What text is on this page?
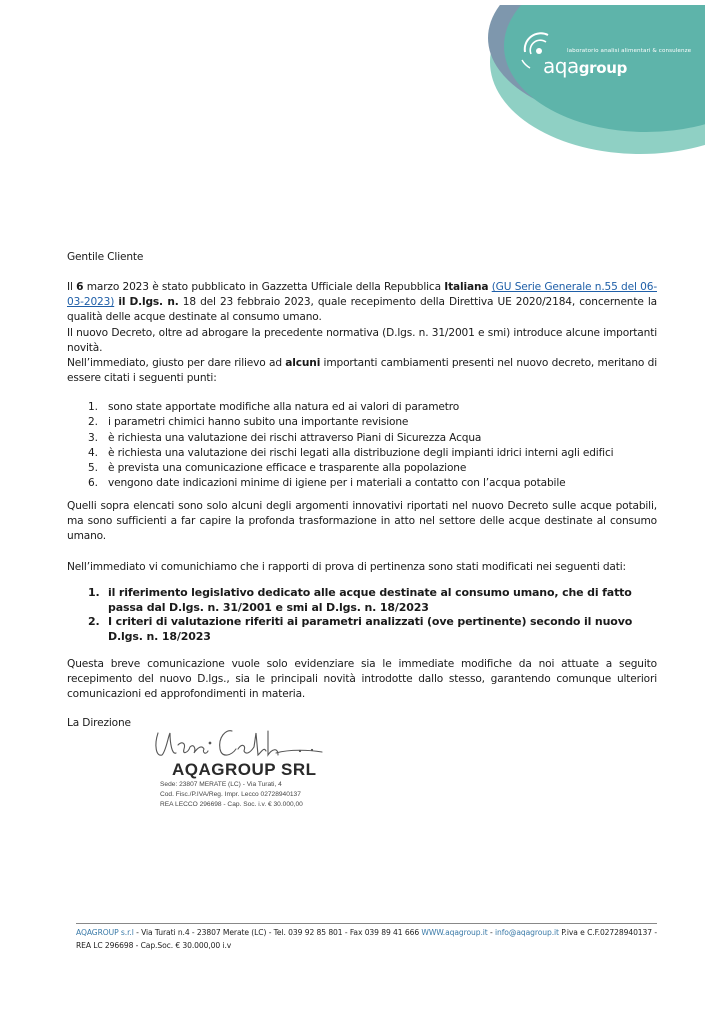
laboratorio analisi alimentari & consulenze
aqagroup
Gentile Cliente
Il 6 marzo 2023 è stato pubblicato in Gazzetta Ufficiale della Repubblica Italiana (GU Serie Generale n.55 del 06-03-2023) il D.lgs. n. 18 del 23 febbraio 2023, quale recepimento della Direttiva UE 2020/2184, concernente la qualità delle acque destinate al consumo umano.
Il nuovo Decreto, oltre ad abrogare la precedente normativa (D.lgs. n. 31/2001 e smi) introduce alcune importanti novità.
Nell’immediato, giusto per dare rilievo ad alcuni importanti cambiamenti presenti nel nuovo decreto, meritano di essere citati i seguenti punti:
1. sono state apportate modifiche alla natura ed ai valori di parametro
2. i parametri chimici hanno subito una importante revisione
3. è richiesta una valutazione dei rischi attraverso Piani di Sicurezza Acqua
4. è richiesta una valutazione dei rischi legati alla distribuzione degli impianti idrici interni agli edifici
5. è prevista una comunicazione efficace e trasparente alla popolazione
6. vengono date indicazioni minime di igiene per i materiali a contatto con l’acqua potabile
Quelli sopra elencati sono solo alcuni degli argomenti innovativi riportati nel nuovo Decreto sulle acque potabili, ma sono sufficienti a far capire la profonda trasformazione in atto nel settore delle acque destinate al consumo umano.
Nell’immediato vi comunichiamo che i rapporti di prova di pertinenza sono stati modificati nei seguenti dati:
1. il riferimento legislativo dedicato alle acque destinate al consumo umano, che di fatto
passa dal D.lgs. n. 31/2001 e smi al D.lgs. n. 18/2023
2. I criteri di valutazione riferiti ai parametri analizzati (ove pertinente) secondo il nuovo
D.lgs. n. 18/2023
Questa breve comunicazione vuole solo evidenziare sia le immediate modifiche da noi attuate a seguito recepimento del nuovo D.lgs., sia le principali novità introdotte dallo stesso, garantendo comunque ulteriori comunicazioni ed approfondimenti in materia.
La Direzione
AQAGROUP SRL
Sede: 23807 MERATE (LC) - Via Turati, 4
Cod. Fisc./P.IVA/Reg. Impr. Lecco 02728940137
REA LECCO 296698 - Cap. Soc. i.v. € 30.000,00
AQAGROUP s.r.l - Via Turati n.4 - 23807 Merate (LC) - Tel. 039 92 85 801 - Fax 039 89 41 666 WWW.aqagroup.it - info@aqagroup.it P.iva e C.F.02728940137 - REA LC 296698 - Cap.Soc. € 30.000,00 i.v
